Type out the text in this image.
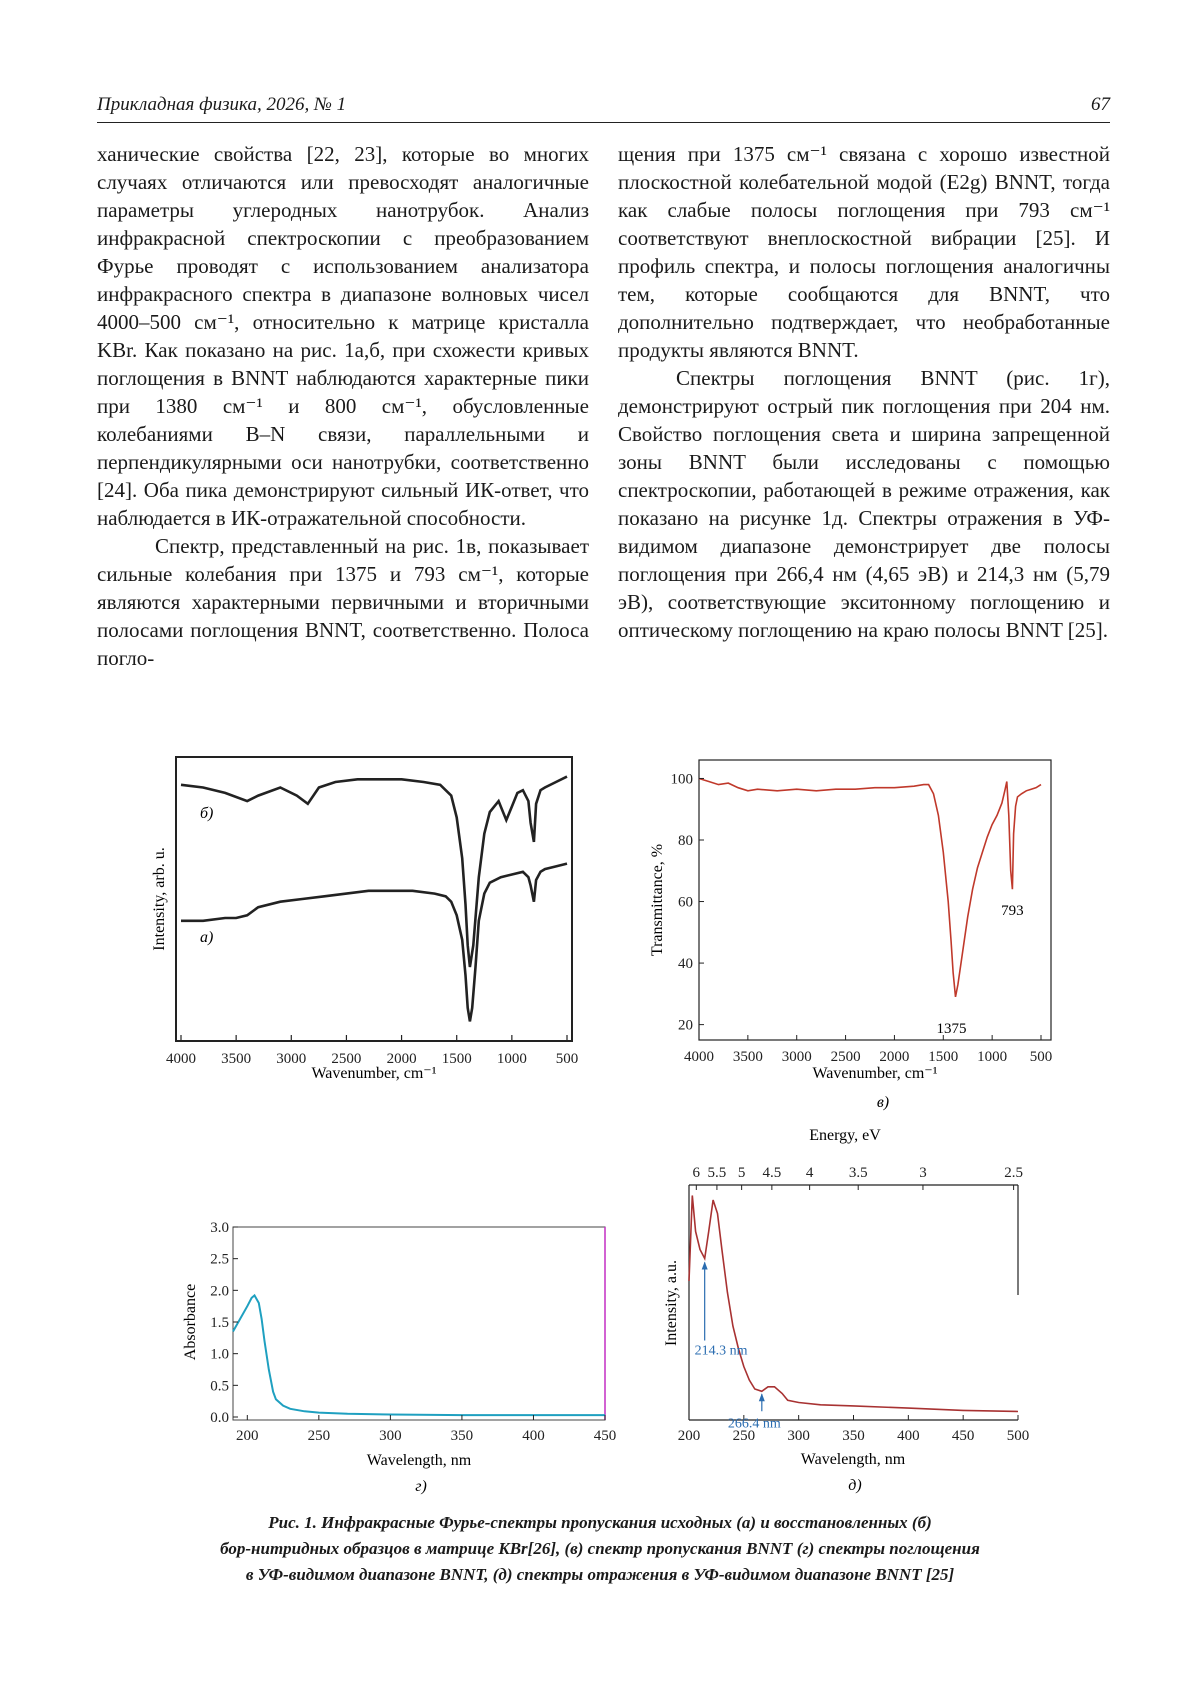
Прикладная физика, 2026, № 1	67

ханические свойства [22, 23], которые во многих случаях отличаются или превосходят аналогичные параметры углеродных нанотрубок. Анализ инфракрасной спектроскопии с преобразованием Фурье проводят с использованием анализатора инфракрасного спектра в диапазоне волновых чисел 4000–500 см⁻¹, относительно к матрице кристалла KBr. Как показано на рис. 1а,б, при схожести кривых поглощения в BNNT наблюдаются характерные пики при 1380 см⁻¹ и 800 см⁻¹, обусловленные колебаниями B–N связи, параллельными и перпендикулярными оси нанотрубки, соответственно [24]. Оба пика демонстрируют сильный ИК-ответ, что наблюдается в ИК-отражательной способности.

Спектр, представленный на рис. 1в, показывает сильные колебания при 1375 и 793 см⁻¹, которые являются характерными первичными и вторичными полосами поглощения BNNT, соответственно. Полоса погло-

щения при 1375 см⁻¹ связана с хорошо известной плоскостной колебательной модой (E2g) BNNT, тогда как слабые полосы поглощения при 793 см⁻¹ соответствуют внеплоскостной вибрации [25]. И профиль спектра, и полосы поглощения аналогичны тем, которые сообщаются для BNNT, что дополнительно подтверждает, что необработанные продукты являются BNNT.

Спектры поглощения BNNT (рис. 1г), демонстрируют острый пик поглощения при 204 нм. Свойство поглощения света и ширина запрещенной зоны BNNT были исследованы с помощью спектроскопии, работающей в режиме отражения, как показано на рисунке 1д. Спектры отражения в УФ-видимом диапазоне демонстрирует две полосы поглощения при 266,4 нм (4,65 эВ) и 214,3 нм (5,79 эВ), соответствующие экситонному поглощению и оптическому поглощению на краю полосы BNNT [25].

4000 3500 3000 2500 2000 1500 1000 500
б)
а)
Wavenumber, cm⁻¹
Intensity, arb. u.
4000 3500 3000 2500 2000 1500 1000 500
20
40
60
80
100
1375
793
Wavenumber, cm⁻¹
Transmittance, %
в)
200	250	300	350	400	450
0.0
0.5
1.0
1.5
2.0
2.5
3.0
Wavelength, nm
Absorbance
г)
200 250 300 350 400 450 500
6 5.5 5 4.5 4 3.5	3	2.5
214.3 nm
266.4 nm
Energy, eV
Wavelength, nm
Intensity, a.u.
д)
Рис. 1. Инфракрасные Фурье-спектры пропускания исходных (а) и восстановленных (б)
бор-нитридных образцов в матрице KBr[26], (в) спектр пропускания BNNT (г) спектры поглощения
в УФ-видимом диапазоне BNNT, (д) спектры отражения в УФ-видимом диапазоне BNNT [25]
